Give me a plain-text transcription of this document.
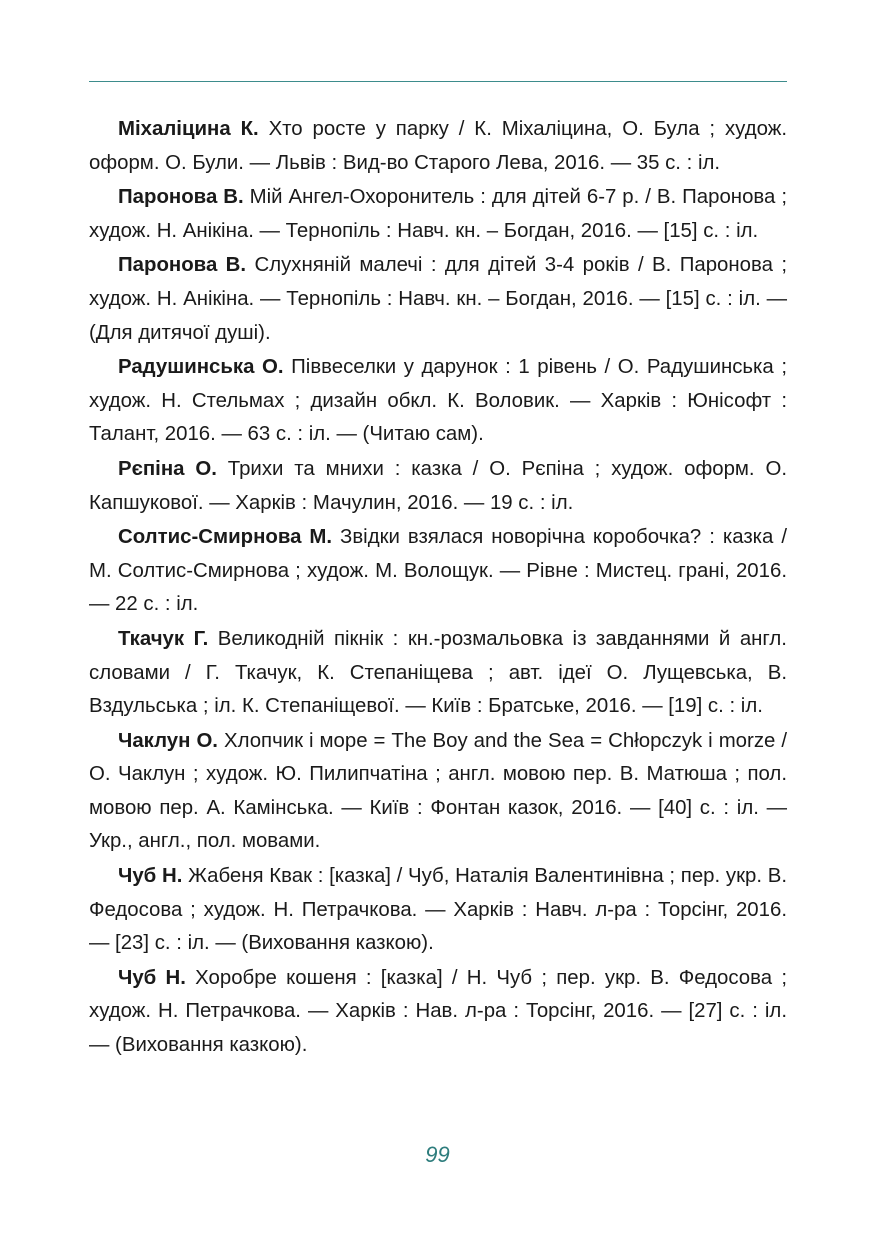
Міхаліцина К. Хто росте у парку / К. Міхаліцина, О. Була ; худож. оформ. О. Були. — Львів : Вид-во Старого Лева, 2016. — 35 с. : іл.

Паронова В. Мій Ангел-Охоронитель : для дітей 6-7 р. / В. Паронова ; худож. Н. Анікіна. — Тернопіль : Навч. кн. – Богдан, 2016. — [15] с. : іл.

Паронова В. Слухняній малечі : для дітей 3-4 років / В. Паронова ; худож. Н. Анікіна. — Тернопіль : Навч. кн. – Богдан, 2016. — [15] с. : іл. — (Для дитячої душі).

Радушинська О. Піввеселки у дарунок : 1 рівень / О. Радушинська ; худож. Н. Стельмах ; дизайн обкл. К. Воловик. — Харків : Юнісофт : Талант, 2016. — 63 с. : іл. — (Читаю сам).

Рєпіна О. Трихи та мнихи : казка / О. Рєпіна ; худож. оформ. О. Капшукової. — Харків : Мачулин, 2016. — 19 с. : іл.

Солтис-Смирнова М. Звідки взялася новорічна коробочка? : казка / М. Солтис-Смирнова ; худож. М. Волощук. — Рівне : Мистец. грані, 2016. — 22 с. : іл.

Ткачук Г. Великодній пікнік : кн.-розмальовка із завданнями й англ. словами / Г. Ткачук, К. Степаніщева ; авт. ідеї О. Лущевська, В. Вздульська ; іл. К. Степаніщевої. — Київ : Братське, 2016. — [19] с. : іл.

Чаклун О. Хлопчик і море = The Boy and the Sea = Chłopczyk i morze / О. Чаклун ; худож. Ю. Пилипчатіна ; англ. мовою пер. В. Матюша ; пол. мовою пер. А. Камінська. — Київ : Фонтан казок, 2016. — [40] с. : іл. — Укр., англ., пол. мовами.

Чуб Н. Жабеня Квак : [казка] / Чуб, Наталія Валентинівна ; пер. укр. В. Федосова ; худож. Н. Петрачкова. — Харків : Навч. л-ра : Торсінг, 2016. — [23] с. : іл. — (Виховання казкою).

Чуб Н. Хоробре кошеня : [казка] / Н. Чуб ; пер. укр. В. Федосова ; худож. Н. Петрачкова. — Харків : Нав. л-ра : Торсінг, 2016. — [27] с. : іл. — (Виховання казкою).

99
